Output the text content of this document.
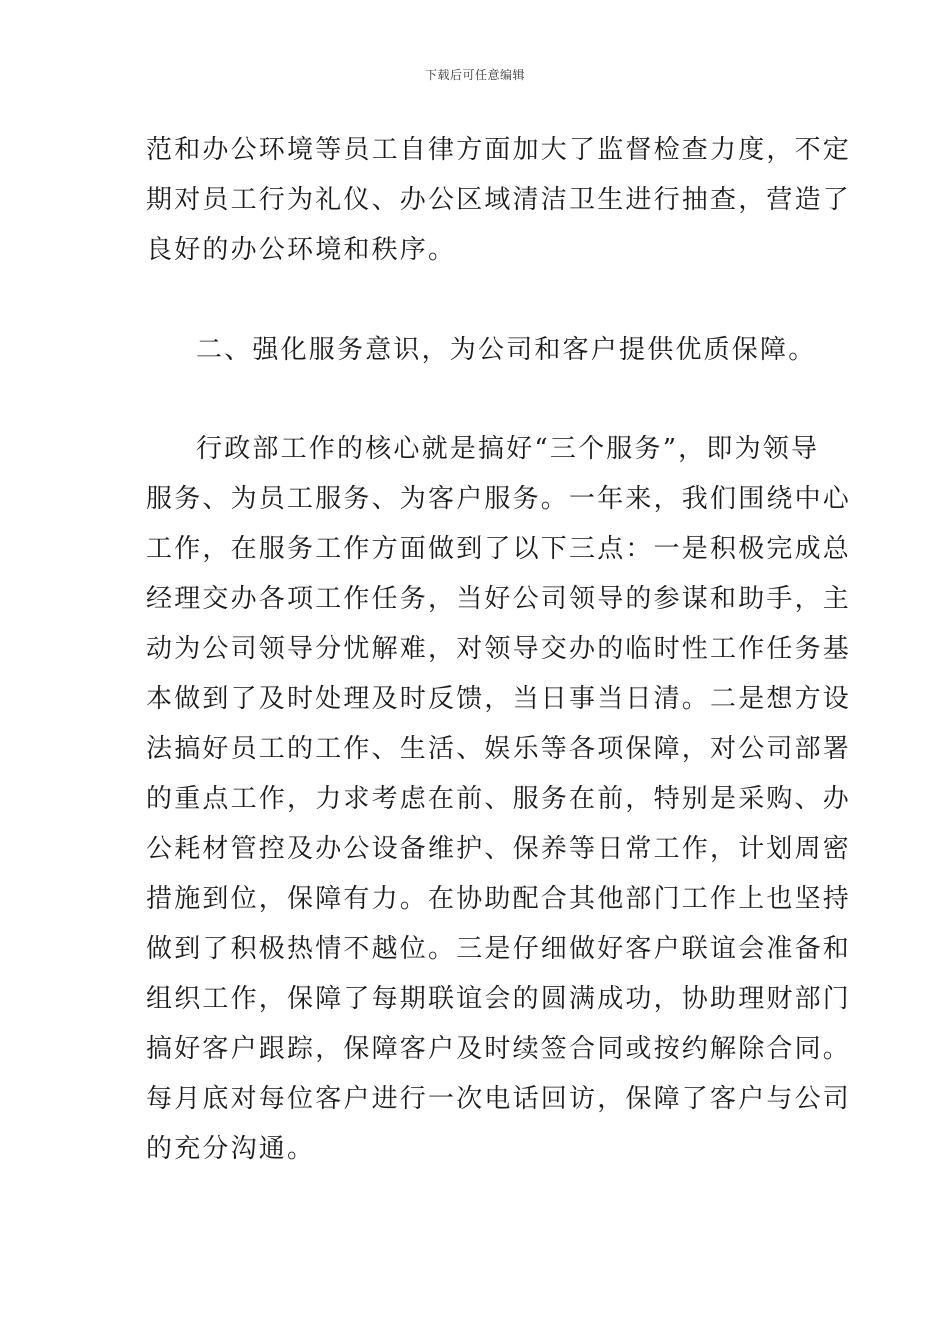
下载后可任意编辑
范和办公环境等员工自律方面加大了监督检查力度，不定
期对员工行为礼仪、办公区域清洁卫生进行抽查，营造了
良好的办公环境和秩序。
二、强化服务意识，为公司和客户提供优质保障。
行政部工作的核心就是搞好“三个服务”，即为领导
服务、为员工服务、为客户服务。一年来，我们围绕中心
工作，在服务工作方面做到了以下三点：一是积极完成总
经理交办各项工作任务，当好公司领导的参谋和助手，主
动为公司领导分忧解难，对领导交办的临时性工作任务基
本做到了及时处理及时反馈，当日事当日清。二是想方设
法搞好员工的工作、生活、娱乐等各项保障，对公司部署
的重点工作，力求考虑在前、服务在前，特别是采购、办
公耗材管控及办公设备维护、保养等日常工作，计划周密
措施到位，保障有力。在协助配合其他部门工作上也坚持
做到了积极热情不越位。三是仔细做好客户联谊会准备和
组织工作，保障了每期联谊会的圆满成功，协助理财部门
搞好客户跟踪，保障客户及时续签合同或按约解除合同。
每月底对每位客户进行一次电话回访，保障了客户与公司
的充分沟通。
